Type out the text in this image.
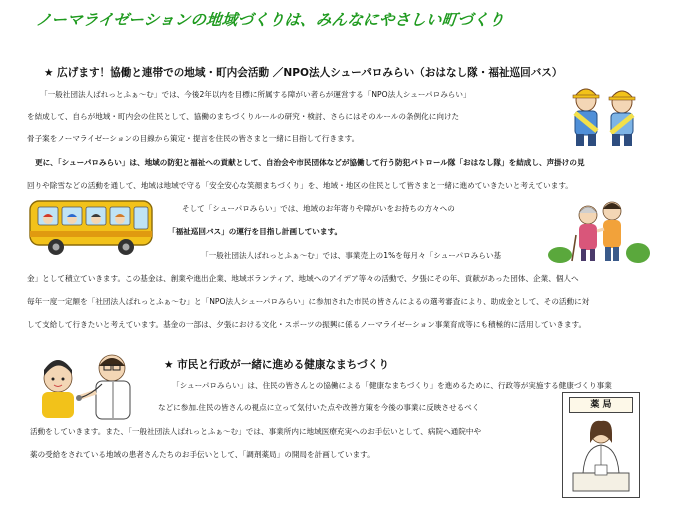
ノーマライゼーションの地域づくりは、みんなにやさしい町づくり
★ 広げます！協働と連帯での地域・町内会活動 ／NPO法人シューパロみらい（おはなし隊・福祉巡回バス）
「一般社団法人ぱれっとふぁ～む」では、今後2年以内を目標に所属する障がい者らが運営する「NPO法人シューパロみらい」
を結成して、自らが地域・町内会の住民として、協働のまちづくりルールの研究・検討、さらにはそのルールの条例化に向けた
骨子案をノーマライゼーションの目線から策定・提言を住民の皆さまと一緒に目指して行きます。
更に、「シューパロみらい」は、地域の防犯と福祉への貢献として、自治会や市民団体などが協働して行う防犯パトロール隊「おはなし隊」を結成し、声掛けの見
回りや除雪などの活動を通して、地域は地域で守る「安全安心な笑顔まちづくり」を、地域・地区の住民として皆さまと一緒に進めていきたいと考えています。
そして「シューパロみらい」では、地域のお年寄りや障がいをお持ちの方々への
「福祉巡回バス」の運行を目指し計画しています。
「一般社団法人ぱれっとふぁ～む」では、事業売上の1%を毎月々「シューパロみらい基
金」として積立ていきます。この基金は、創業や進出企業、地域ボランティア、地域へのアイデア等々の活動で、夕張にその年、貢献があった団体、企業、個人へ
毎年一度一定額を「社団法人ぱれっとふぁ～む」と「NPO法人シューパロみらい」に参加された市民の皆さんによるの選考審査により、助成金として、その活動に対
して支給して行きたいと考えています。基金の一部は、夕張における文化・スポーツの振興に係るノーマライゼーション事業育成等にも積極的に活用していきます。
★ 市民と行政が一緒に進める健康なまちづくり
「シューパロみらい」は、住民の皆さんとの協働による「健康なまちづくり」を進めるために、行政等が実施する健康づくり事業
などに参加.住民の皆さんの視点に立って気付いた点や改善方策を今後の事業に反映させるべく
活動をしていきます。また、「一般社団法人ぱれっとふぁ～む」では、事業所内に地域医療充実へのお手伝いとして、病院へ通院中や
薬の受給をされている地域の患者さんたちのお手伝いとして、「調剤薬局」の開局を計画しています。
薬 局
